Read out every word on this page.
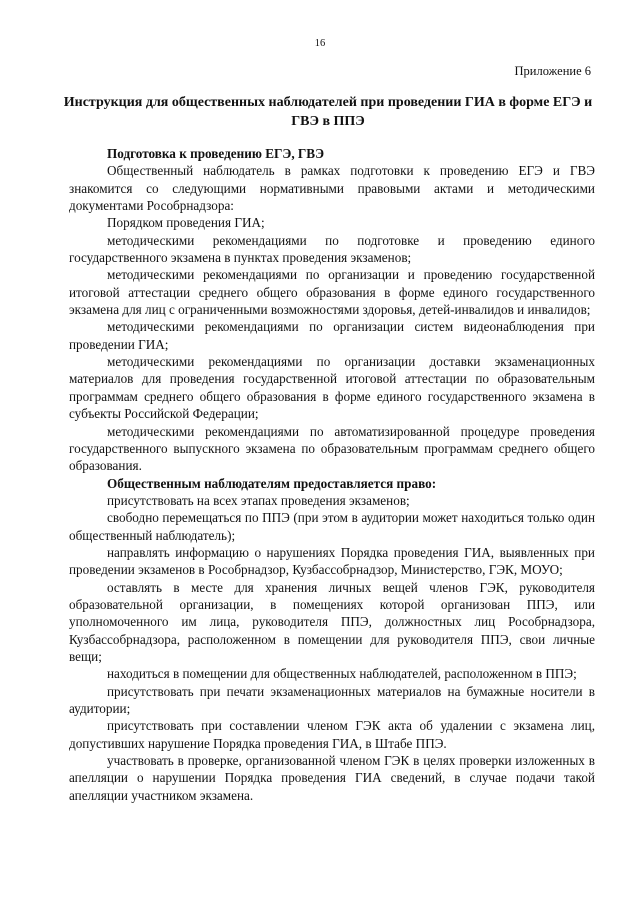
16
Приложение 6
Инструкция для общественных наблюдателей при проведении ГИА в форме ЕГЭ и ГВЭ в ППЭ

Подготовка к проведению ЕГЭ, ГВЭ

Общественный наблюдатель в рамках подготовки к проведению ЕГЭ и ГВЭ знакомится со следующими нормативными правовыми актами и методическими документами Рособрнадзора:

Порядком проведения ГИА;

методическими рекомендациями по подготовке и проведению единого государственного экзамена в пунктах проведения экзаменов;

методическими рекомендациями по организации и проведению государственной итоговой аттестации среднего общего образования в форме единого государственного экзамена для лиц с ограниченными возможностями здоровья, детей-инвалидов и инвалидов;

методическими рекомендациями по организации систем видеонаблюдения при проведении ГИА;

методическими рекомендациями по организации доставки экзаменационных материалов для проведения государственной итоговой аттестации по образовательным программам среднего общего образования в форме единого государственного экзамена в субъекты Российской Федерации;

методическими рекомендациями по автоматизированной процедуре проведения государственного выпускного экзамена по образовательным программам среднего общего образования.

Общественным наблюдателям предоставляется право:

присутствовать на всех этапах проведения экзаменов;

свободно перемещаться по ППЭ (при этом в аудитории может находиться только один общественный наблюдатель);

направлять информацию о нарушениях Порядка проведения ГИА, выявленных при проведении экзаменов в Рособрнадзор, Кузбассобрнадзор, Министерство, ГЭК, МОУО;

оставлять в месте для хранения личных вещей членов ГЭК, руководителя образовательной организации, в помещениях которой организован ППЭ, или уполномоченного им лица, руководителя ППЭ, должностных лиц Рособрнадзора, Кузбассобрнадзора, расположенном в помещении для руководителя ППЭ, свои личные вещи;

находиться в помещении для общественных наблюдателей, расположенном в ППЭ;

присутствовать при печати экзаменационных материалов на бумажные носители в аудитории;

присутствовать при составлении членом ГЭК акта об удалении с экзамена лиц, допустивших нарушение Порядка проведения ГИА, в Штабе ППЭ.

участвовать в проверке, организованной членом ГЭК в целях проверки изложенных в апелляции о нарушении Порядка проведения ГИА сведений, в случае подачи такой апелляции участником экзамена.
